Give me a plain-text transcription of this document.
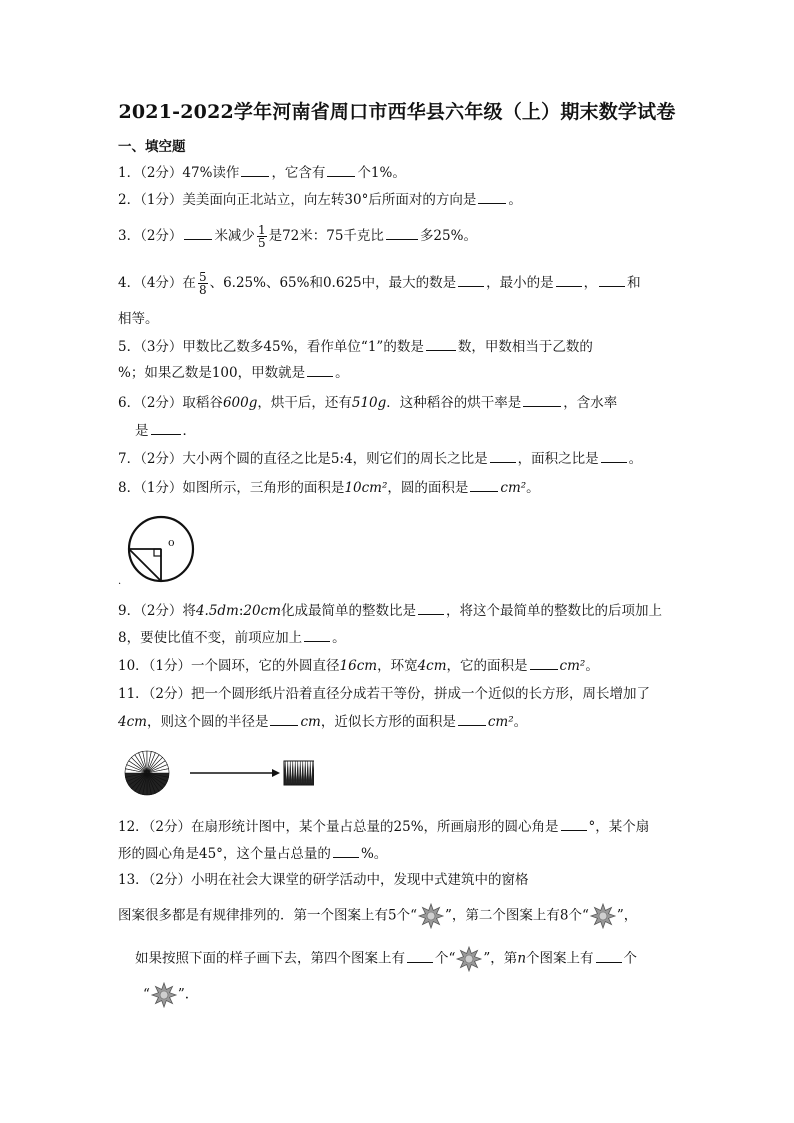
2021-2022学年河南省周口市西华县六年级（上）期末数学试卷
一、填空题
1．（2分）47%读作 ，它含有 个1%。
2．（1分）美美面向正北站立，向左转30°后所面对的方向是 。
3．（2分） 米减少 $\frac{1}{5}$ 是72米：75千克比	多25%。
4．（4分）在 $\frac{5}{8}$ 、6.25%、65%和0.625中，最大的数是 ，最小的是 ， 和
相等。
5．（3分）甲数比乙数多45%，看作单位“1”的数是	数，甲数相当于乙数的
%；如果乙数是100，甲数就是 。
6．（2分）取稻谷600g，烘干后，还有510g．这种稻谷的烘干率是	，含水率
是	．
7．（2分）大小两个圆的直径之比是5:4，则它们的周长之比是 ，面积之比是 。
8．（1分）如图所示，三角形的面积是10cm²，圆的面积是 cm²。
o
.
9．（2分）将4.5dm:20cm化成最简单的整数比是 ，将这个最简单的整数比的后项加上
8，要使比值不变，前项应加上 。
10．（1分）一个圆环，它的外圆直径16cm，环宽4cm，它的面积是 cm²。
11．（2分）把一个圆形纸片沿着直径分成若干等份，拼成一个近似的长方形，周长增加了
4cm，则这个圆的半径是 cm，近似长方形的面积是 cm²。
12．（2分）在扇形统计图中，某个量占总量的25%，所画扇形的圆心角是 °，某个扇
形的圆心角是45°，这个量占总量的 %。
13．（2分）小明在社会大课堂的研学活动中，发现中式建筑中的窗格
图案很多都是有规律排列的．第一个图案上有5个“ ”，第二个图案上有8个“ ”，
如果按照下面的样子画下去，第四个图案上有 个“ ”，第n个图案上有 个
“ ”.
